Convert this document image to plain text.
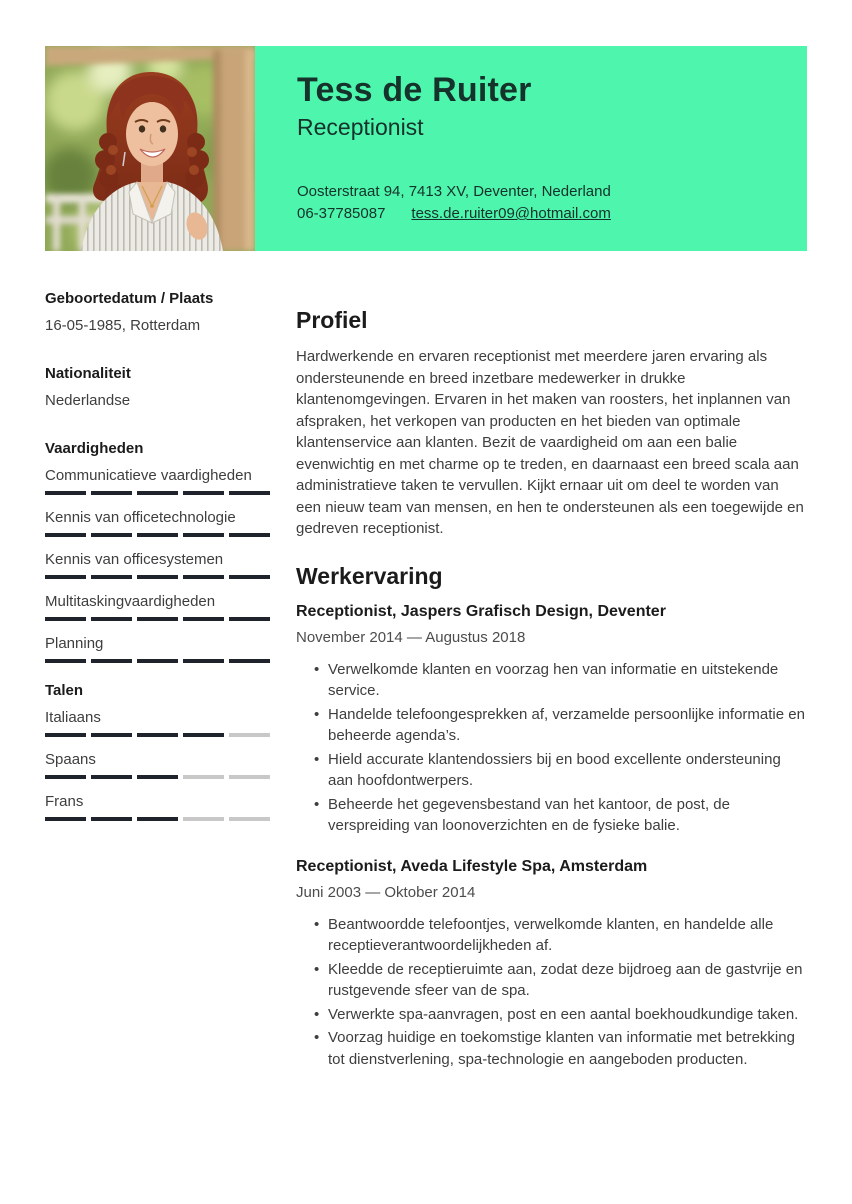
Tess de Ruiter
Receptionist
Oosterstraat 94, 7413 XV, Deventer, Nederland
06-37785087 tess.de.ruiter09@hotmail.com
Geboortedatum / Plaats
16-05-1985, Rotterdam
Nationaliteit
Nederlandse
Vaardigheden
Communicatieve vaardigheden
Kennis van officetechnologie
Kennis van officesystemen
Multitaskingvaardigheden
Planning
Talen
Italiaans
Spaans
Frans
Profiel

Hardwerkende en ervaren receptionist met meerdere jaren ervaring als ondersteunende en breed inzetbare medewerker in drukke klantenomgevingen. Ervaren in het maken van roosters, het inplannen van afspraken, het verkopen van producten en het bieden van optimale klantenservice aan klanten. Bezit de vaardigheid om aan een balie evenwichtig en met charme op te treden, en daarnaast een breed scala aan administratieve taken te vervullen. Kijkt ernaar uit om deel te worden van een nieuw team van mensen, en hen te ondersteunen als een toegewijde en gedreven receptionist.

Werkervaring
Receptionist, Jaspers Grafisch Design, Deventer
November 2014 — Augustus 2018
• Verwelkomde klanten en voorzag hen van informatie en uitstekende service.
• Handelde telefoongesprekken af, verzamelde persoonlijke informatie en beheerde agenda’s.
• Hield accurate klantendossiers bij en bood excellente ondersteuning aan hoofdontwerpers.
• Beheerde het gegevensbestand van het kantoor, de post, de verspreiding van loonoverzichten en de fysieke balie.
Receptionist, Aveda Lifestyle Spa, Amsterdam
Juni 2003 — Oktober 2014
• Beantwoordde telefoontjes, verwelkomde klanten, en handelde alle receptieverantwoordelijkheden af.
• Kleedde de receptieruimte aan, zodat deze bijdroeg aan de gastvrije en rustgevende sfeer van de spa.
• Verwerkte spa-aanvragen, post en een aantal boekhoudkundige taken.
• Voorzag huidige en toekomstige klanten van informatie met betrekking tot dienstverlening, spa-technologie en aangeboden producten.
